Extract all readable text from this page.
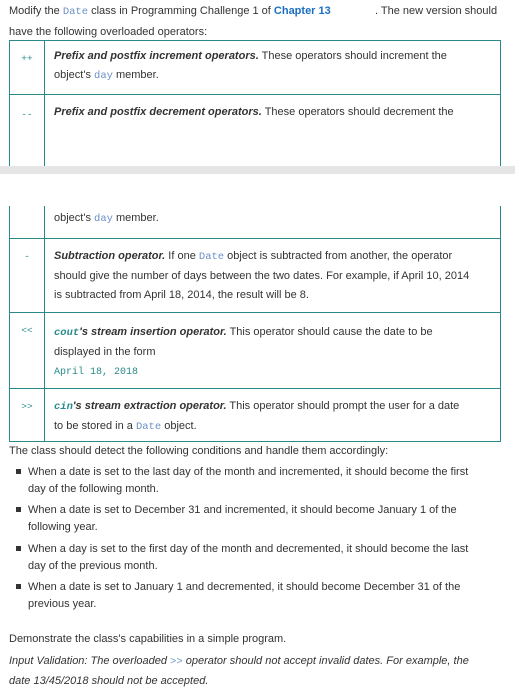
Modify the Date class in Programming Challenge 1 of Chapter 13	. The new version should
have the following overloaded operators:
++	Prefix and postfix increment operators. These operators should increment the
object's day member.
--	Prefix and postfix decrement operators. These operators should decrement the
object's day member.
-	Subtraction operator. If one Date object is subtracted from another, the operator
should give the number of days between the two dates. For example, if April 10, 2014
is subtracted from April 18, 2014, the result will be 8.
<<	cout's stream insertion operator. This operator should cause the date to be
displayed in the form
April 18, 2018
>>	cin's stream extraction operator. This operator should prompt the user for a date
to be stored in a Date object.
The class should detect the following conditions and handle them accordingly:
When a date is set to the last day of the month and incremented, it should become the first
day of the following month.
When a date is set to December 31 and incremented, it should become January 1 of the
following year.
When a day is set to the first day of the month and decremented, it should become the last
day of the previous month.
When a date is set to January 1 and decremented, it should become December 31 of the
previous year.
Demonstrate the class's capabilities in a simple program.
Input Validation: The overloaded >> operator should not accept invalid dates. For example, the
date 13/45/2018 should not be accepted.
